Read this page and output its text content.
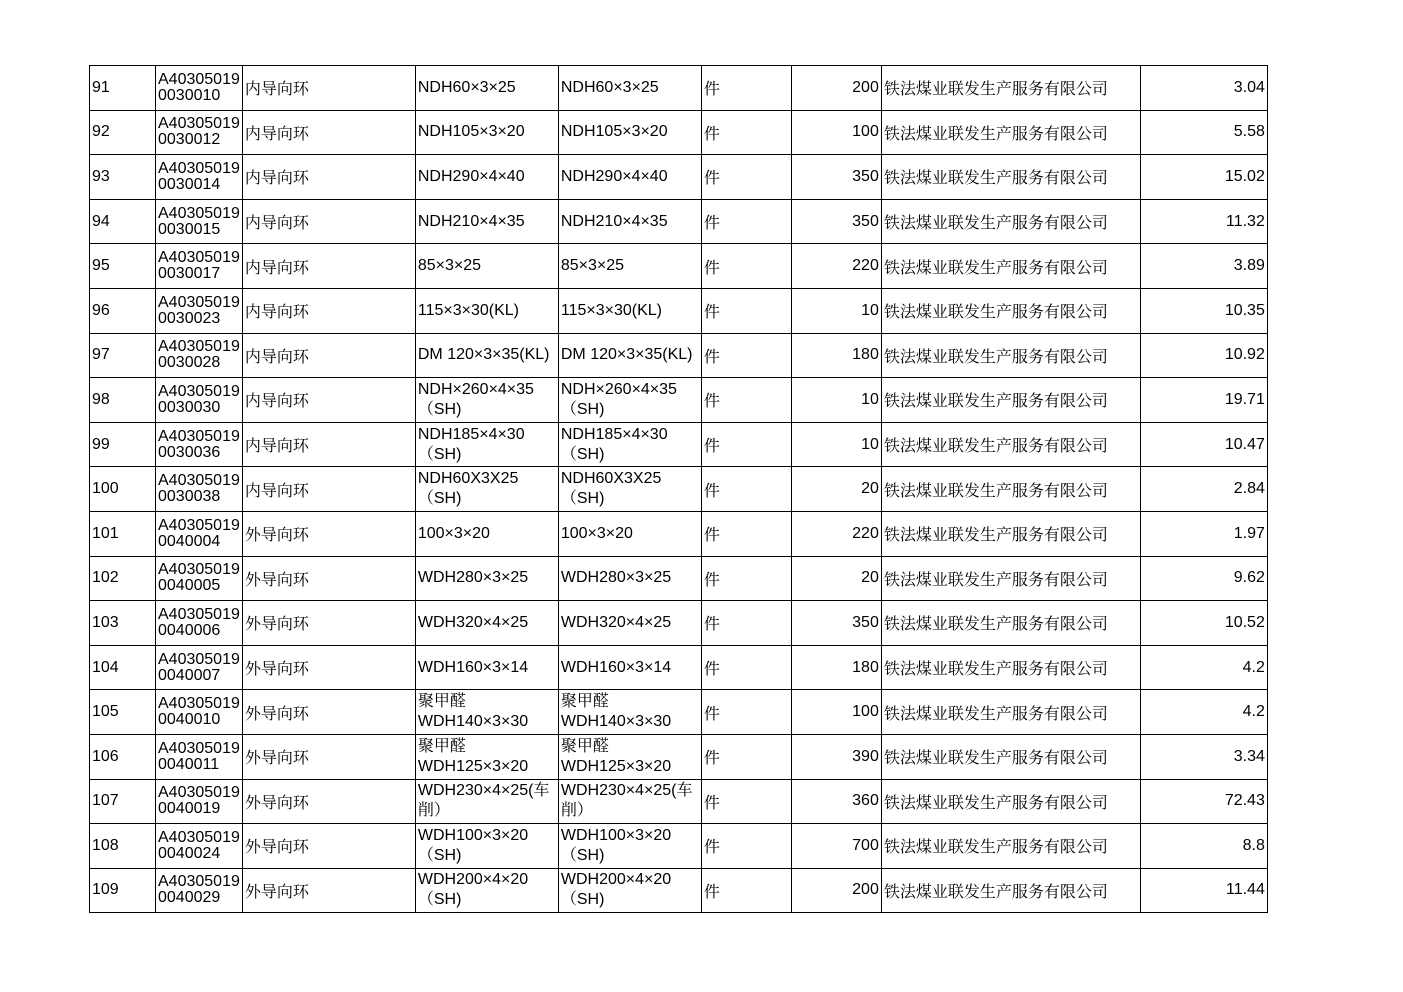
91	A40305019
0030010	内导向环	NDH60×3×25	NDH60×3×25	件	200	铁法煤业联发生产服务有限公司	3.04
92	A40305019
0030012	内导向环	NDH105×3×20	NDH105×3×20	件	100	铁法煤业联发生产服务有限公司	5.58
93	A40305019
0030014	内导向环	NDH290×4×40	NDH290×4×40	件	350	铁法煤业联发生产服务有限公司	15.02
94	A40305019
0030015	内导向环	NDH210×4×35	NDH210×4×35	件	350	铁法煤业联发生产服务有限公司	11.32
95	A40305019
0030017	内导向环	85×3×25	85×3×25	件	220	铁法煤业联发生产服务有限公司	3.89
96	A40305019
0030023	内导向环	115×3×30(KL)	115×3×30(KL)	件	10	铁法煤业联发生产服务有限公司	10.35
97	A40305019
0030028	内导向环	DM 120×3×35(KL)	DM 120×3×35(KL)	件	180	铁法煤业联发生产服务有限公司	10.92
98	A40305019
0030030	内导向环	NDH×260×4×35
（SH)	NDH×260×4×35
（SH)	件	10	铁法煤业联发生产服务有限公司	19.71
99	A40305019
0030036	内导向环	NDH185×4×30
（SH)	NDH185×4×30
（SH)	件	10	铁法煤业联发生产服务有限公司	10.47
100	A40305019
0030038	内导向环	NDH60X3X25
（SH)	NDH60X3X25
（SH)	件	20	铁法煤业联发生产服务有限公司	2.84
101	A40305019
0040004	外导向环	100×3×20	100×3×20	件	220	铁法煤业联发生产服务有限公司	1.97
102	A40305019
0040005	外导向环	WDH280×3×25	WDH280×3×25	件	20	铁法煤业联发生产服务有限公司	9.62
103	A40305019
0040006	外导向环	WDH320×4×25	WDH320×4×25	件	350	铁法煤业联发生产服务有限公司	10.52
104	A40305019
0040007	外导向环	WDH160×3×14	WDH160×3×14	件	180	铁法煤业联发生产服务有限公司	4.2
105	A40305019
0040010	外导向环	聚甲醛
WDH140×3×30	聚甲醛
WDH140×3×30	件	100	铁法煤业联发生产服务有限公司	4.2
106	A40305019
0040011	外导向环	聚甲醛
WDH125×3×20	聚甲醛
WDH125×3×20	件	390	铁法煤业联发生产服务有限公司	3.34
107	A40305019
0040019	外导向环	WDH230×4×25(车
削）	WDH230×4×25(车
削）	件	360	铁法煤业联发生产服务有限公司	72.43
108	A40305019
0040024	外导向环	WDH100×3×20
（SH)	WDH100×3×20
（SH)	件	700	铁法煤业联发生产服务有限公司	8.8
109	A40305019
0040029	外导向环	WDH200×4×20
（SH)	WDH200×4×20
（SH)	件	200	铁法煤业联发生产服务有限公司	11.44
